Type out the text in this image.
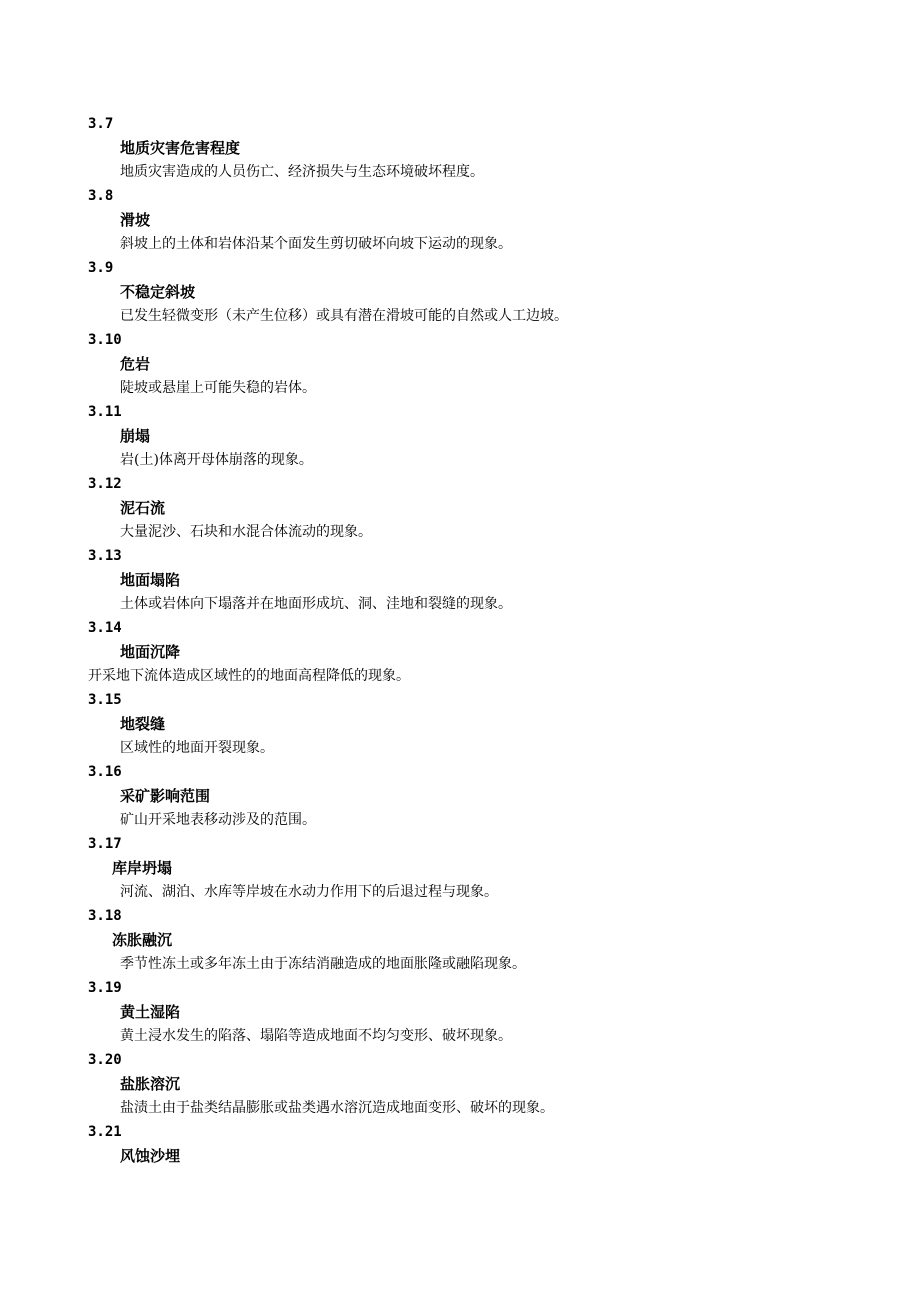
3.7
地质灾害危害程度
地质灾害造成的人员伤亡、经济损失与生态环境破坏程度。
3.8
滑坡
斜坡上的土体和岩体沿某个面发生剪切破坏向坡下运动的现象。
3.9
不稳定斜坡
已发生轻微变形（未产生位移）或具有潜在滑坡可能的自然或人工边坡。
3.10
危岩
陡坡或悬崖上可能失稳的岩体。
3.11
崩塌
岩(土)体离开母体崩落的现象。
3.12
泥石流
大量泥沙、石块和水混合体流动的现象。
3.13
地面塌陷
土体或岩体向下塌落并在地面形成坑、洞、洼地和裂缝的现象。
3.14
地面沉降
开采地下流体造成区域性的的地面高程降低的现象。
3.15
地裂缝
区域性的地面开裂现象。
3.16
采矿影响范围
矿山开采地表移动涉及的范围。
3.17
库岸坍塌
河流、湖泊、水库等岸坡在水动力作用下的后退过程与现象。
3.18
冻胀融沉
季节性冻土或多年冻土由于冻结消融造成的地面胀隆或融陷现象。
3.19
黄土湿陷
黄土浸水发生的陷落、塌陷等造成地面不均匀变形、破坏现象。
3.20
盐胀溶沉
盐渍土由于盐类结晶膨胀或盐类遇水溶沉造成地面变形、破坏的现象。
3.21
风蚀沙埋
